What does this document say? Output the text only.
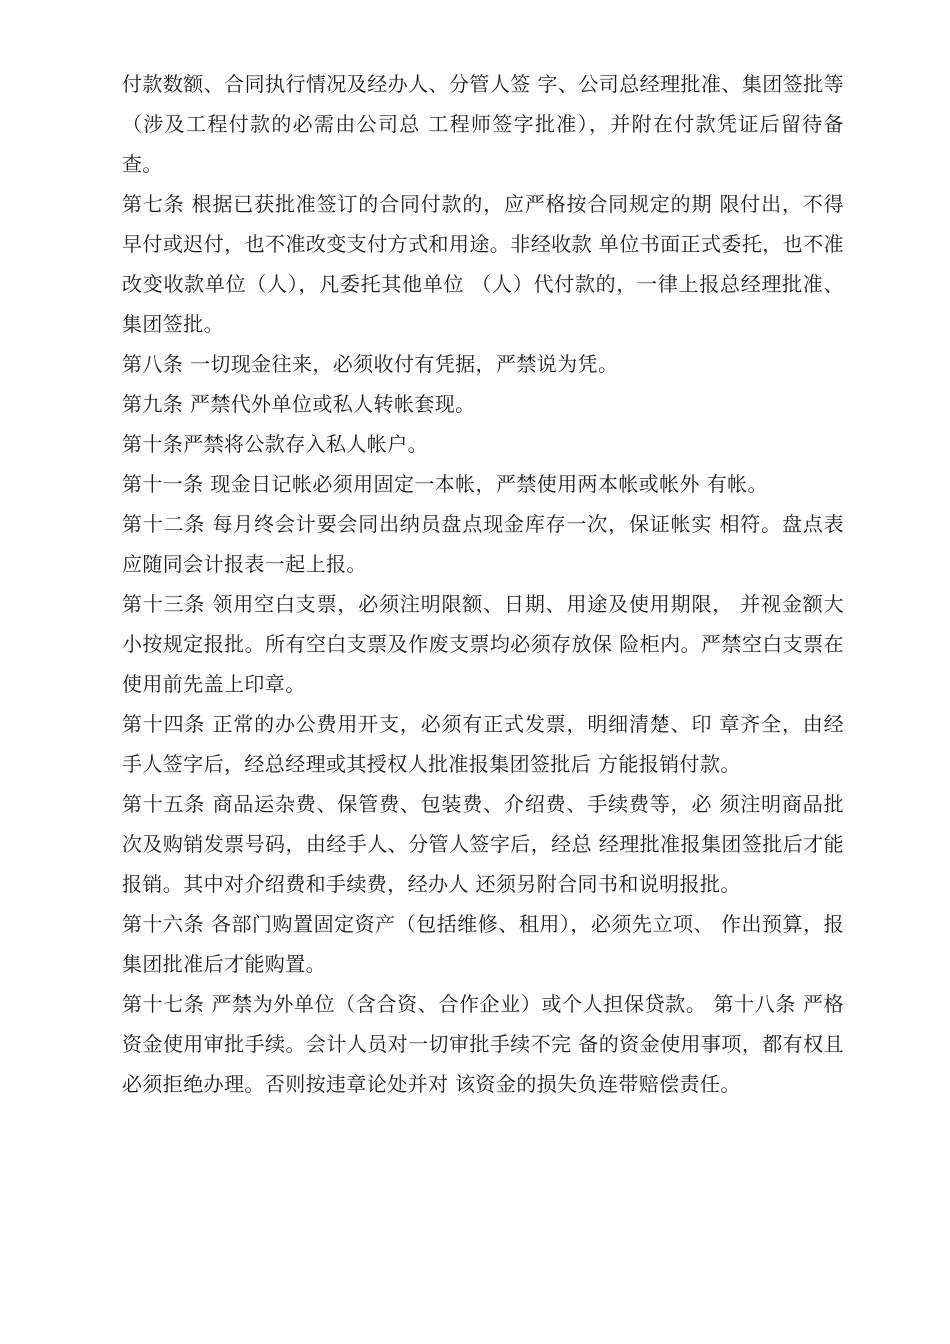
付款数额、合同执行情况及经办人、分管人签 字、公司总经理批准、集团签批等（涉及工程付款的必需由公司总 工程师签字批准），并附在付款凭证后留待备查。

第七条 根据已获批准签订的合同付款的，应严格按合同规定的期 限付出，不得早付或迟付，也不准改变支付方式和用途。非经收款 单位书面正式委托，也不准改变收款单位（人），凡委托其他单位 （人）代付款的，一律上报总经理批准、集团签批。

第八条 一切现金往来，必须收付有凭据，严禁说为凭。

第九条 严禁代外单位或私人转帐套现。

第十条严禁将公款存入私人帐户。

第十一条 现金日记帐必须用固定一本帐，严禁使用两本帐或帐外 有帐。

第十二条 每月终会计要会同出纳员盘点现金库存一次，保证帐实 相符。盘点表应随同会计报表一起上报。

第十三条 领用空白支票，必须注明限额、日期、用途及使用期限， 并视金额大小按规定报批。所有空白支票及作废支票均必须存放保 险柜内。严禁空白支票在使用前先盖上印章。

第十四条 正常的办公费用开支，必须有正式发票，明细清楚、印 章齐全，由经手人签字后，经总经理或其授权人批准报集团签批后 方能报销付款。

第十五条 商品运杂费、保管费、包装费、介绍费、手续费等，必 须注明商品批次及购销发票号码，由经手人、分管人签字后，经总 经理批准报集团签批后才能报销。其中对介绍费和手续费，经办人 还须另附合同书和说明报批。

第十六条 各部门购置固定资产（包括维修、租用），必须先立项、 作出预算，报集团批准后才能购置。

第十七条 严禁为外单位（含合资、合作企业）或个人担保贷款。 第十八条 严格资金使用审批手续。会计人员对一切审批手续不完 备的资金使用事项，都有权且必须拒绝办理。否则按违章论处并对 该资金的损失负连带赔偿责任。
